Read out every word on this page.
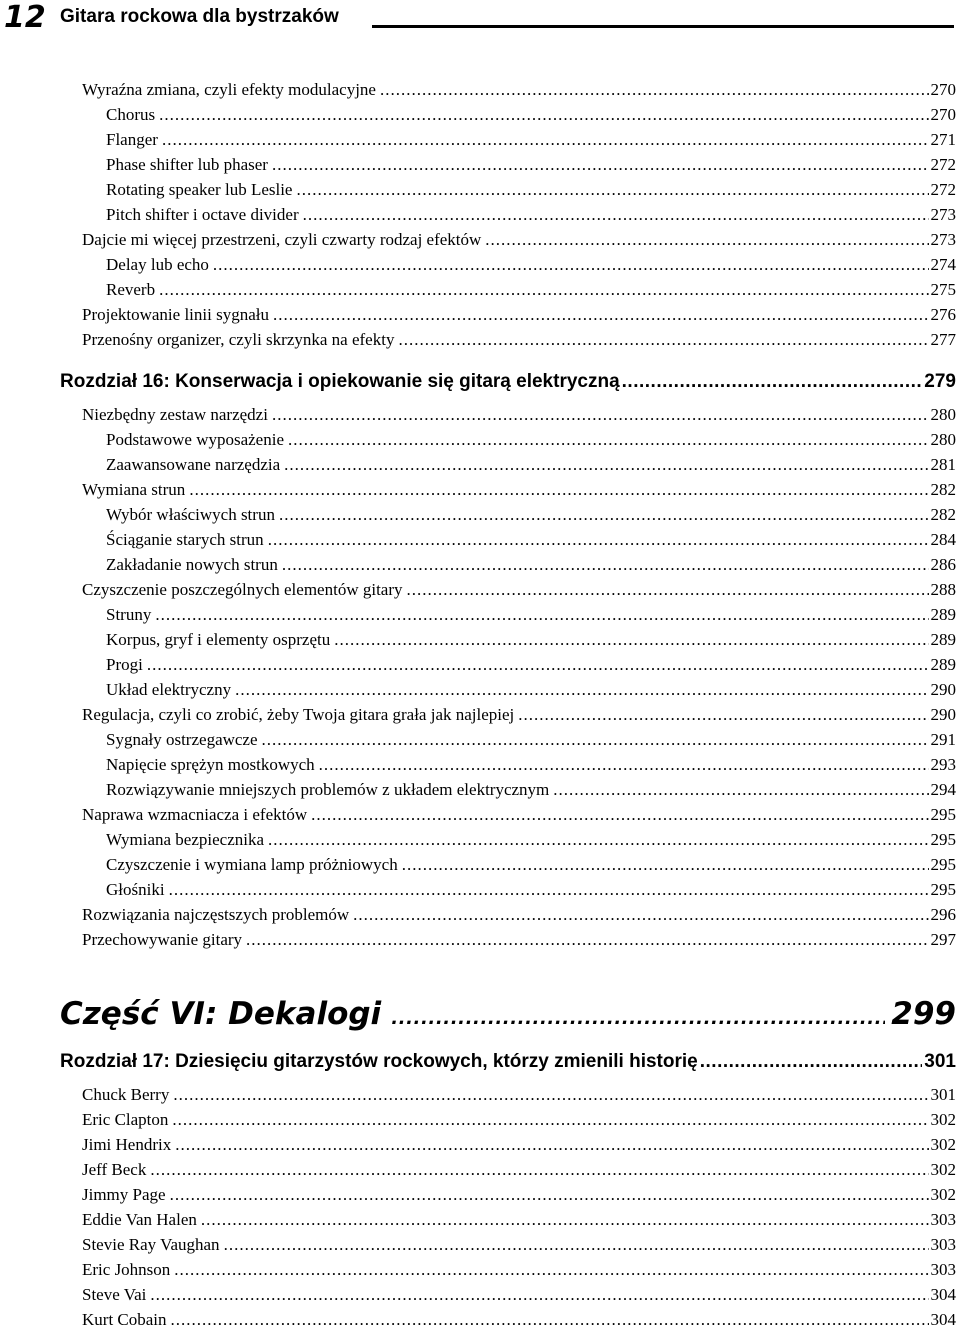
12 Gitara rockowa dla bystrzaków
Wyraźna zmiana, czyli efekty modulacyjne .....	270
Chorus .....	270
Flanger .....	271
Phase shifter lub phaser .....	272
Rotating speaker lub Leslie .....	272
Pitch shifter i octave divider .....	273
Dajcie mi więcej przestrzeni, czyli czwarty rodzaj efektów .....	273
Delay lub echo .....	274
Reverb .....	275
Projektowanie linii sygnału .....	276
Przenośny organizer, czyli skrzynka na efekty .....	277
Rozdział 16: Konserwacja i opiekowanie się gitarą elektryczną .....	279
Niezbędny zestaw narzędzi .....	280
Podstawowe wyposażenie .....	280
Zaawansowane narzędzia .....	281
Wymiana strun .....	282
Wybór właściwych strun .....	282
Ściąganie starych strun .....	284
Zakładanie nowych strun .....	286
Czyszczenie poszczególnych elementów gitary .....	288
Struny .....	289
Korpus, gryf i elementy osprzętu .....	289
Progi .....	289
Układ elektryczny .....	290
Regulacja, czyli co zrobić, żeby Twoja gitara grała jak najlepiej .....	290
Sygnały ostrzegawcze .....	291
Napięcie sprężyn mostkowych .....	293
Rozwiązywanie mniejszych problemów z układem elektrycznym .....	294
Naprawa wzmacniacza i efektów .....	295
Wymiana bezpiecznika .....	295
Czyszczenie i wymiana lamp próżniowych .....	295
Głośniki .....	295
Rozwiązania najczęstszych problemów .....	296
Przechowywanie gitary .....	297
Część VI: Dekalogi .....	299
Rozdział 17: Dziesięciu gitarzystów rockowych, którzy zmienili historię .....	301
Chuck Berry .....	301
Eric Clapton .....	302
Jimi Hendrix .....	302
Jeff Beck .....	302
Jimmy Page .....	302
Eddie Van Halen .....	303
Stevie Ray Vaughan .....	303
Eric Johnson .....	303
Steve Vai .....	304
Kurt Cobain .....	304
